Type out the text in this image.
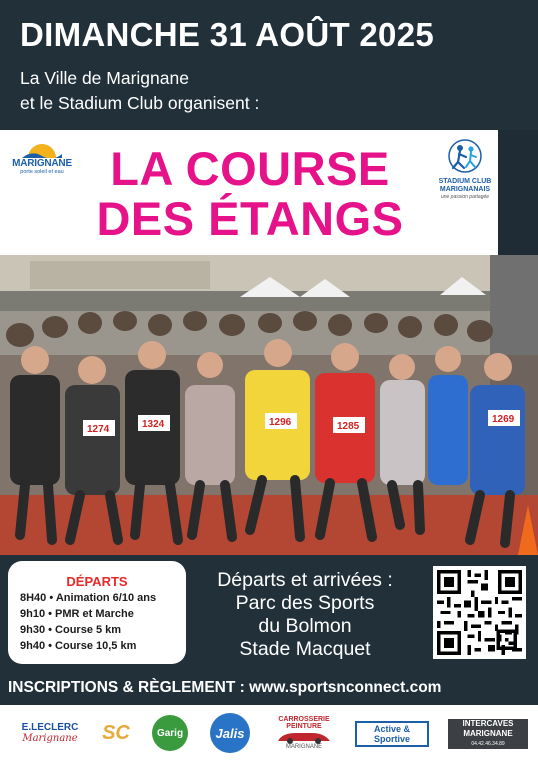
DIMANCHE 31 AOÛT 2025
La Ville de Marignane
et le Stadium Club organisent :
MARIGNANE
porte soleil et eau LA COURSE
DES ÉTANGS
STADIUM CLUB
MARIGNANAIS
une passion partagée
1274	1324	1296	1285
1269
DÉPARTS
8H40 • Animation 6/10 ans
9h10 • PMR et Marche
9h30 • Course 5 km
9h40 • Course 10,5 km
Départs et arrivées :
Parc des Sports
du Bolmon
Stade Macquet
INSCRIPTIONS & RÈGLEMENT : www.sportsnconnect.com
E.LECLERC
Marignane	SC	Garig	Jalis
CARROSSERIE PEINTURE
MARIGNANE
Active & Sportive
INTERCAVES
MARIGNANE
04.42.46.34.89
